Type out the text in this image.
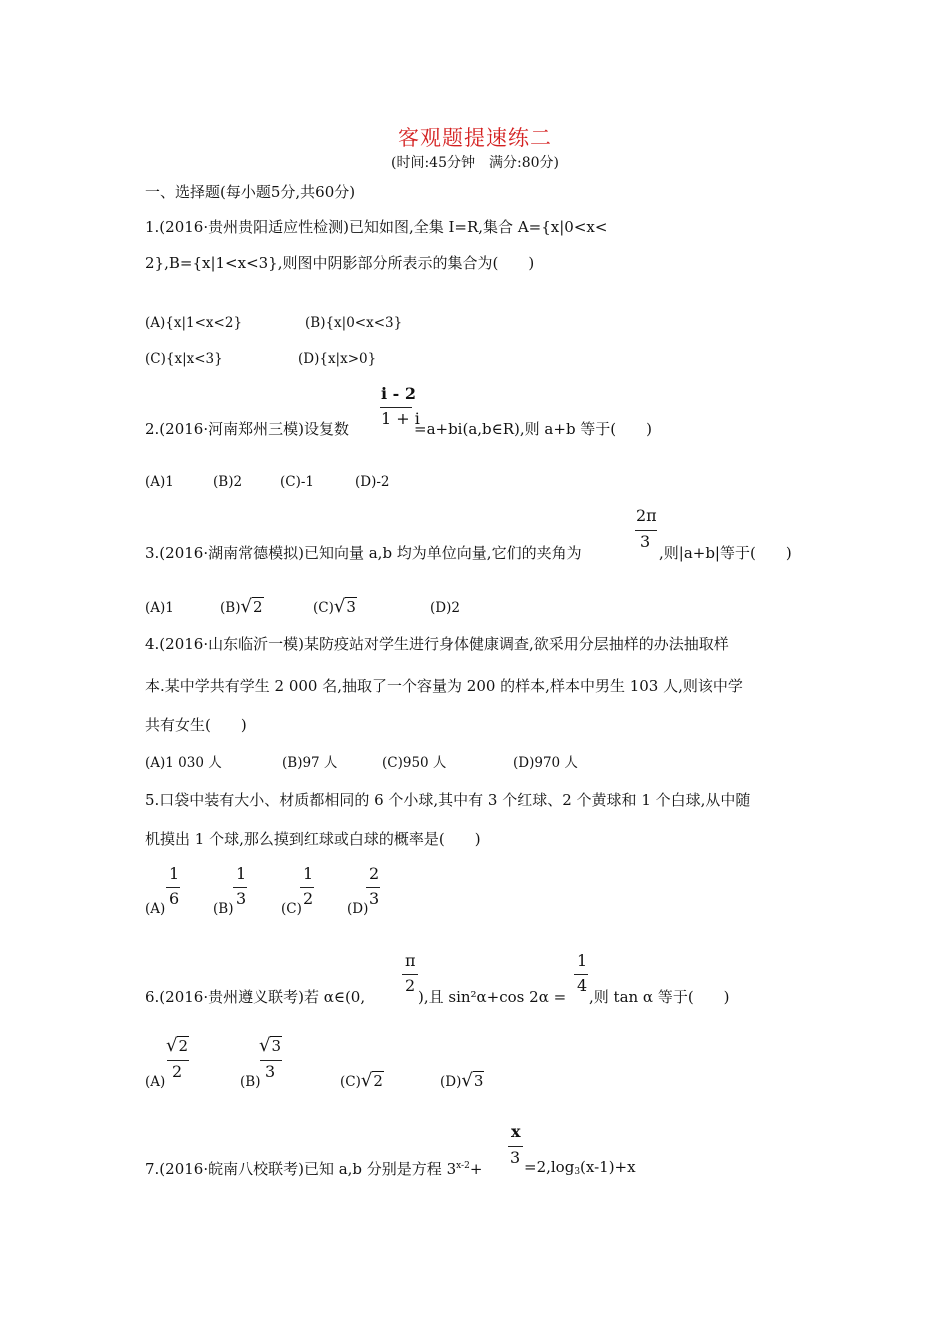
客观题提速练二
(时间:45分钟　满分:80分)
一、选择题(每小题5分,共60分)
1.(2016·贵州贵阳适应性检测)已知如图,全集 I=R,集合 A={x|0<x<
2},B={x|1<x<3},则图中阴影部分所表示的集合为(　　)
(A){x|1<x<2}	(B){x|0<x<3}
(C){x|x<3}	(D){x|x>0}
2.(2016·河南郑州三模)设复数
i - 2
1 + i
=a+bi(a,b∈R),则 a+b 等于(　　)
(A)1	(B)2	(C)-1	(D)-2
3.(2016·湖南常德模拟)已知向量 a,b 均为单位向量,它们的夹角为
2π
3
,则|a+b|等于(　　)
(A)1	(B)√2	(C)√3	(D)2
4.(2016·山东临沂一模)某防疫站对学生进行身体健康调查,欲采用分层抽样的办法抽取样
本.某中学共有学生 2 000 名,抽取了一个容量为 200 的样本,样本中男生 103 人,则该中学
共有女生(　　)
(A)1 030 人	(B)97 人	(C)950 人	(D)970 人
5.口袋中装有大小、材质都相同的 6 个小球,其中有 3 个红球、2 个黄球和 1 个白球,从中随
机摸出 1 个球,那么摸到红球或白球的概率是(　　)
(A)
1
6
(B)
1
3
(C)
1
2
(D)
2
3
6.(2016·贵州遵义联考)若 α∈(0,
π
2
),且 sin²α+cos 2α =
1
4
,则 tan α 等于(　　)
(A)
√2
2
(B)
√3
3
(C)√2	(D)√3
7.(2016·皖南八校联考)已知 a,b 分别是方程 $3^{x-2}+$
x
$3 =2,\log_3(x-1)+x$
